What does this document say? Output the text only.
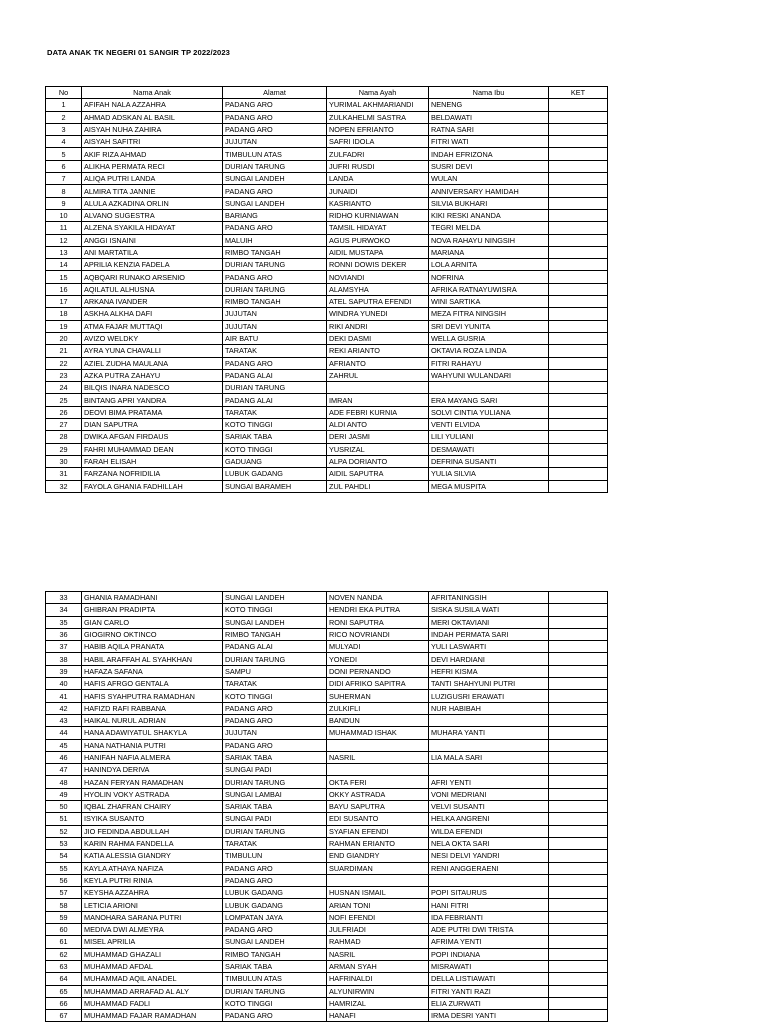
DATA ANAK TK NEGERI 01 SANGIR TP 2022/2023
No	Nama Anak	Alamat	Nama Ayah	Nama Ibu	KET
1	AFIFAH NALA AZZAHRA	PADANG ARO	YURIMAL AKHMARIANDI	NENENG	
2	AHMAD ADSKAN AL BASIL	PADANG ARO	ZULKAHELMI SASTRA	BELDAWATI	
3	AISYAH NUHA ZAHIRA	PADANG ARO	NOPEN EFRIANTO	RATNA SARI	
4	AISYAH SAFITRI	JUJUTAN	SAFRI IDOLA	FITRI WATI	
5	AKIF RIZA AHMAD	TIMBULUN ATAS	ZULFADRI	INDAH EFRIZONA	
6	ALIKHA PERMATA RECI	DURIAN TARUNG	JUFRI RUSDI	SUSRI DEVI	
7	ALIQA PUTRI LANDA	SUNGAI LANDEH	LANDA	WULAN	
8	ALMIRA TITA JANNIE	PADANG ARO	JUNAIDI	ANNIVERSARY HAMIDAH	
9	ALULA AZKADINA ORLIN	SUNGAI LANDEH	KASRIANTO	SILVIA BUKHARI	
10	ALVANO SUGESTRA	BARIANG	RIDHO KURNIAWAN	KIKI RESKI ANANDA	
11	ALZENA SYAKILA HIDAYAT	PADANG ARO	TAMSIL HIDAYAT	TEGRI MELDA	
12	ANGGI ISNAINI	MALUIH	AGUS PURWOKO	NOVA RAHAYU NINGSIH	
13	ANI MARTATILA	RIMBO TANGAH	AIDIL MUSTAPA	MARIANA	
14	APRILIA KENZIA FADELA	DURIAN TARUNG	RONNI DOWIS DEKER	LOLA ARNITA	
15	AQBQARI RUNAKO ARSENIO	PADANG ARO	NOVIANDI	NOFRINA	
16	AQILATUL ALHUSNA	DURIAN TARUNG	ALAMSYHA	AFRIKA RATNAYUWISRA	
17	ARKANA IVANDER	RIMBO TANGAH	ATEL SAPUTRA EFENDI	WINI SARTIKA	
18	ASKHA ALKHA DAFI	JUJUTAN	WINDRA YUNEDI	MEZA FITRA NINGSIH	
19	ATMA FAJAR MUTTAQI	JUJUTAN	RIKI ANDRI	SRI DEVI YUNITA	
20	AVIZO WELDKY	AIR BATU	DEKI DASMI	WELLA GUSRIA	
21	AYRA YUNA CHAVALLI	TARATAK	REKI ARIANTO	OKTAVIA ROZA LINDA	
22	AZIEL ZUDHA MAULANA	PADANG ARO	AFRIANTO	FITRI RAHAYU	
23	AZKA PUTRA ZAHAYU	PADANG ALAI	ZAHRUL	WAHYUNI WULANDARI	
24	BILQIS INARA NADESCO	DURIAN TARUNG			
25	BINTANG APRI YANDRA	PADANG ALAI	IMRAN	ERA MAYANG SARI	
26	DEOVI BIMA PRATAMA	TARATAK	ADE FEBRI KURNIA	SOLVI CINTIA YULIANA	
27	DIAN SAPUTRA	KOTO TINGGI	ALDI ANTO	VENTI ELVIDA	
28	DWIKA AFGAN FIRDAUS	SARIAK TABA	DERI JASMI	LILI YULIANI	
29	FAHRI MUHAMMAD DEAN	KOTO TINGGI	YUSRIZAL	DESMAWATI	
30	FARAH ELISAH	GADUANG	ALPA DORIANTO	DEFRINA SUSANTI	
31	FARZANA NOFRIDILIA	LUBUK GADANG	AIDIL SAPUTRA	YULIA SILVIA	
32	FAYOLA GHANIA FADHILLAH	SUNGAI BARAMEH	ZUL PAHDLI	MEGA MUSPITA	
33	GHANIA RAMADHANI	SUNGAI LANDEH	NOVEN NANDA	AFRITANINGSIH	
34	GHIBRAN PRADIPTA	KOTO TINGGI	HENDRI EKA PUTRA	SISKA SUSILA WATI	
35	GIAN CARLO	SUNGAI LANDEH	RONI SAPUTRA	MERI OKTAVIANI	
36	GIOGIRNO OKTINCO	RIMBO TANGAH	RICO NOVRIANDI	INDAH PERMATA SARI	
37	HABIB AQILA PRANATA	PADANG ALAI	MULYADI	YULI LASWARTI	
38	HABIL ARAFFAH AL SYAHKHAN	DURIAN TARUNG	YONEDI	DEVI HARDIANI	
39	HAFAZA SAFANA	SAMPU	DONI PERNANDO	HEFRI KISMA	
40	HAFIS AFRGO GENTALA	TARATAK	DIDI AFRIKO SAPITRA	TANTI SHAHYUNI PUTRI	
41	HAFIS SYAHPUTRA RAMADHAN	KOTO TINGGI	SUHERMAN	LUZIGUSRI ERAWATI	
42	HAFIZD RAFI RABBANA	PADANG ARO	ZULKIFLI	NUR HABIBAH	
43	HAIKAL NURUL ADRIAN	PADANG ARO	BANDUN		
44	HANA ADAWIYATUL SHAKYLA	JUJUTAN	MUHAMMAD ISHAK	MUHARA YANTI	
45	HANA NATHANIA PUTRI	PADANG ARO			
46	HANIFAH NAFIA ALMERA	SARIAK TABA	NASRIL	LIA MALA SARI	
47	HANINDYA DERIVA	SUNGAI PADI			
48	HAZAN FERYAN RAMADHAN	DURIAN TARUNG	OKTA FERI	AFRI YENTI	
49	HYOLIN VOKY ASTRADA	SUNGAI LAMBAI	OKKY ASTRADA	VONI MEDRIANI	
50	IQBAL ZHAFRAN CHAIRY	SARIAK TABA	BAYU SAPUTRA	VELVI SUSANTI	
51	ISYIKA SUSANTO	SUNGAI PADI	EDI SUSANTO	HELKA ANGRENI	
52	JIO FEDINDA ABDULLAH	DURIAN TARUNG	SYAFIAN EFENDI	WILDA EFENDI	
53	KARIN RAHMA FANDELLA	TARATAK	RAHMAN ERIANTO	NELA OKTA SARI	
54	KATIA ALESSIA GIANDRY	TIMBULUN	END GIANDRY	NESI DELVI YANDRI	
55	KAYLA ATHAYA NAFIZA	PADANG ARO	SUARDIMAN	RENI ANGGERAENI	
56	KEYLA PUTRI RINIA	PADANG ARO			
57	KEYSHA AZZAHRA	LUBUK GADANG	HUSNAN ISMAIL	POPI SITAURUS	
58	LETICIA ARIONI	LUBUK GADANG	ARIAN TONI	HANI FITRI	
59	MANOHARA SARANA PUTRI	LOMPATAN JAYA	NOFI EFENDI	IDA FEBRIANTI	
60	MEDIVA DWI ALMEYRA	PADANG ARO	JULFRIADI	ADE PUTRI DWI TRISTA	
61	MISEL APRILIA	SUNGAI LANDEH	RAHMAD	AFRIMA YENTI	
62	MUHAMMAD GHAZALI	RIMBO TANGAH	NASRIL	POPI INDIANA	
63	MUHAMMAD AFDAL	SARIAK TABA	ARMAN SYAH	MISRAWATI	
64	MUHAMMAD AQIL ANADEL	TIMBULUN ATAS	HAFRINALDI	DELLA LISTIAWATI	
65	MUHAMMAD ARRAFAD AL ALY	DURIAN TARUNG	ALYUNIRWIN	FITRI YANTI RAZI	
66	MUHAMMAD FADLI	KOTO TINGGI	HAMRIZAL	ELIA ZURWATI	
67	MUHAMMAD FAJAR RAMADHAN	PADANG ARO	HANAFI	IRMA DESRI YANTI	
